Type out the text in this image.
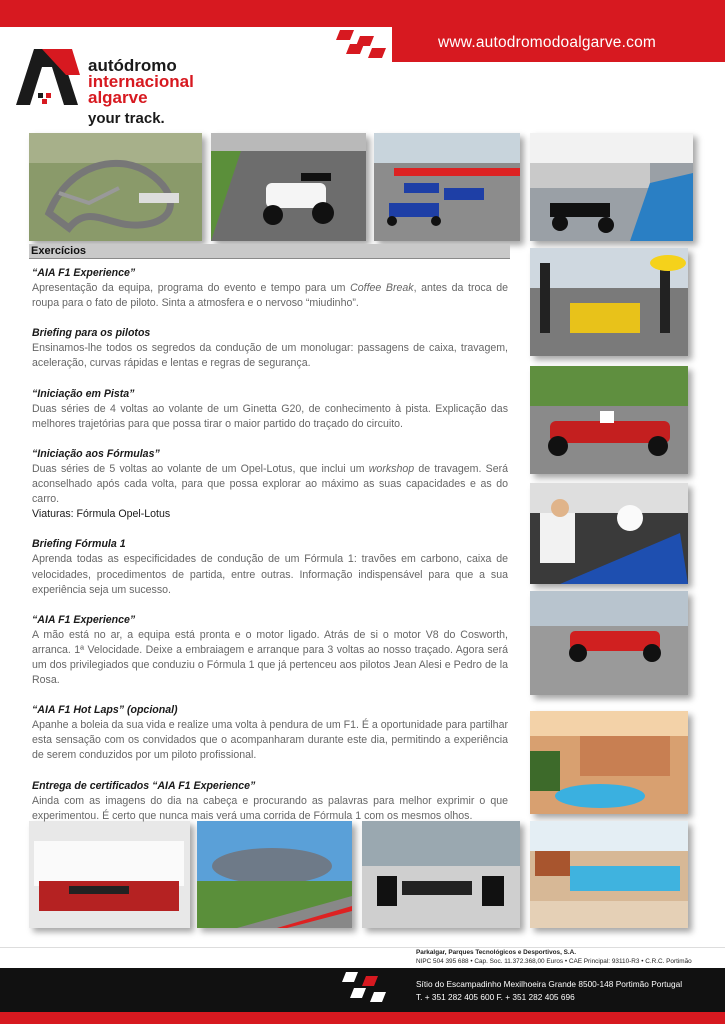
www.autodromodoalgarve.com
autódromo
internacional
algarve
your track.
Exercícios

“AIA F1 Experience”
Apresentação da equipa, programa do evento e tempo para um Coffee Break, antes da troca de roupa para o fato de piloto. Sinta a atmosfera e o nervoso “miudinho”.

Briefing para os pilotos
Ensinamos-lhe todos os segredos da condução de um monolugar: passagens de caixa, travagem, aceleração, curvas rápidas e lentas e regras de segurança.

“Iniciação em Pista”
Duas séries de 4 voltas ao volante de um Ginetta G20, de conhecimento à pista. Explicação das melhores trajetórias para que possa tirar o maior partido do traçado do circuito.

“Iniciação aos Fórmulas”
Duas séries de 5 voltas ao volante de um Opel-Lotus, que inclui um workshop de travagem. Será aconselhado após cada volta, para que possa explorar ao máximo as suas capacidades e as do carro.
Viaturas: Fórmula Opel-Lotus

Briefing Fórmula 1
Aprenda todas as especificidades de condução de um Fórmula 1: travões em carbono, caixa de velocidades, procedimentos de partida, entre outras. Informação indispensável para que a sua experiência seja um sucesso.

“AIA F1 Experience”
A mão está no ar, a equipa está pronta e o motor ligado. Atrás de si o motor V8 do Cosworth, arranca. 1ª Velocidade. Deixe a embraiagem e arranque para 3 voltas ao nosso traçado. Agora será um dos privilegiados que conduziu o Fórmula 1 que já pertenceu aos pilotos Jean Alesi e Pedro de la Rosa.

“AIA F1 Hot Laps” (opcional)
Apanhe a boleia da sua vida e realize uma volta à pendura de um F1. É a oportunidade para partilhar esta sensação com os convidados que o acompanharam durante este dia, permitindo a experiência de serem conduzidos por um piloto profissional.

Entrega de certificados “AIA F1 Experience”
Ainda com as imagens do dia na cabeça e procurando as palavras para melhor exprimir o que experimentou. É certo que nunca mais verá uma corrida de Fórmula 1 com os mesmos olhos.

Parkalgar, Parques Tecnológicos e Desportivos, S.A.
NIPC 504 395 688 • Cap. Soc. 11.372.368,00 Euros • CAE Principal: 93110-R3 • C.R.C. Portimão
Sítio do Escampadinho Mexilhoeira Grande 8500-148 Portimão Portugal
T. + 351 282 405 600 F. + 351 282 405 696
